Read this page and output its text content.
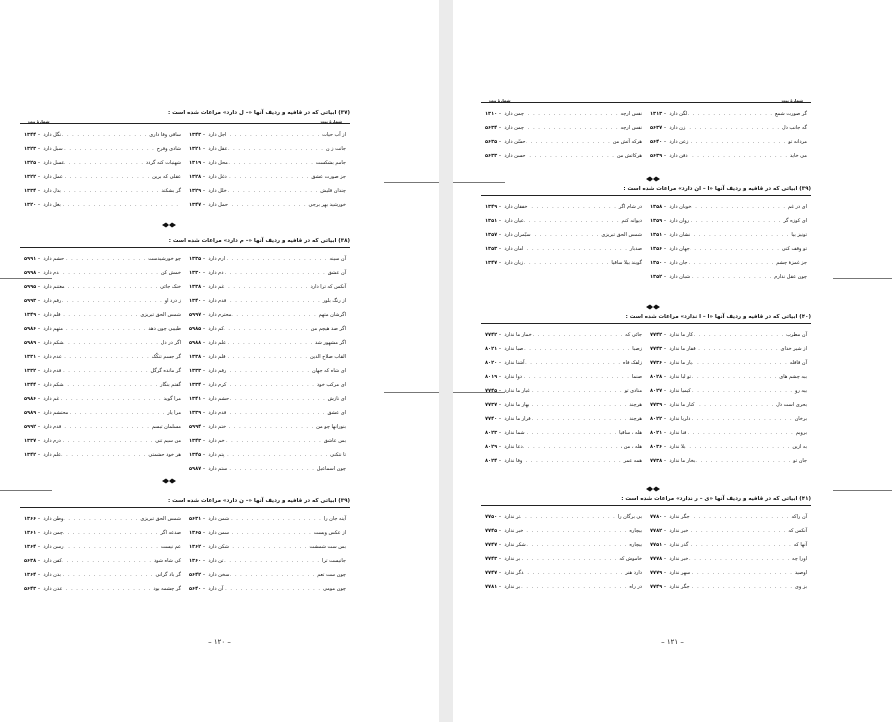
(۳۷) ابیاتی که در قافیه و ردیف آنها «– ل دارد» مراعات شده است :
شمارۀ بیت
شمارۀ بیت
از آب حیات
. . .
اجل دارد
– ۱۳۴۳
جانت ز ن
. . .
عقل دارد
– ۱۳۲۱
جامم بشکست
. . .
محل دارد
– ۱۳۱۹
جز صورت عشق
. . .
دغل دارد
– ۱۳۲۸
چندان قلیش
. . .
خلل دارد
– ۱۳۲۹
خورشید بهر برجی
. . .
حمل دارد
– ۱۳۴۷
ساقی وفا داری
. . .
نگل دارد
– ۱۳۴۴
شادی وفرح
. . .
سبل دارد
– ۱۳۲۳
شهنبات کنه گردد
. . .
عسل دارد
– ۱۳۲۵
عقلی که برین
. . .
عمل دارد
– ۱۳۲۲
گر بشکند
. . .
بدل دارد
– ۱۳۳۴
. . .
بغل دارد
– ۱۳۲۰
(۳۸) ابیاتی که در قافیه و ردیف آنها «– م دارد» مراعات شده است :
آن سینه
. . .
ارم دارد
– ۱۳۳۵
آن عشق
. . .
دم دارد
– ۱۳۳۰
آنکس که ترا دارد
. . .
غم دارد
– ۱۳۳۸
از رنگ بلور
. . .
قدم دارد
– ۱۳۴۰
اگرشان متهم
. . .
محترم دارد
– ۵۹۹۷
اگر صد هیچم من
. . .
کم دارد
– ۵۹۸۵
اگر مشهور شد
. . .
علم دارد
– ۵۹۸۸
القاب صلاح الدین
. . .
قلم دارد
– ۱۳۳۸
ای شاه که جهان
. . .
رقم دارد
– ۱۳۳۳
ای مرکب خود
. . .
کرم دارد
– ۱۳۳۴
ای نازش
. . .
حشم دارد
– ۱۳۴۱
ای عشق
. . .
قدم دارد
– ۱۳۳۹
بنورانها چو من
. . .
ختم دارد
– ۵۹۹۴
بس عاشق
. . .
خم دارد
– ۱۳۴۳
تا نتکنی
. . .
پتم دارد
– ۱۳۴۵
چون اسماعیل
. . .
ستم دارد
– ۵۹۸۷
چو خورشیدست
. . .
حشم دارد
– ۵۹۹۱
خمش کن
. . .
دم دارد
– ۵۹۹۸
خنک جائی
. . .
مغتنم دارد
– ۵۹۹۵
ز درد او
. . .
رقم دارد
– ۵۹۹۳
شمس الحق تبریزی
. . .
قلم دارد
– ۱۳۴۹
طبیبی چون دهد
. . .
متهم دارد
– ۵۹۸۶
اگر در دل
. . .
شکم دارد
– ۵۹۸۹
گر جسم تنکّک
. . .
عدم دارد
– ۱۳۳۱
گر مانده گرگل
. . .
قدم دارد
– ۱۳۳۲
گفتم بنگار
. . .
شکم دارد
– ۱۳۴۴
مرا گوید
. . .
غم دارد
– ۵۹۸۶
مرا یار
. . .
محتشم دارد
– ۵۹۸۹
مسلمان تبسم
. . .
قدم دارد
– ۵۹۹۲
من سیم تنی
. . .
درم دارد
– ۱۳۳۷
هر خود حشمتی
. . .
علم دارد
– ۱۳۴۲
(۳۹) ابیاتی که در قافیه و ردیف آنها «– ن دارد» مراعات شده است :
آینه جان را
. . .
شمن دارد
– ۵۶۳۱
از عکس ویست
. . .
سمن دارد
– ۱۳۶۵
بس ست شمشت
. . .
شکن دارد
– ۱۳۶۲
جانیست ترا
. . .
تن دارد
– ۱۳۶۰
چون ست تعم
. . .
سخن دارد
– ۵۶۴۲
چون مومی
. . .
آن دارد
– ۵۶۴۰
شمس الحق تبریزی
. . .
وطن دارد
– ۱۳۶۶
صدعه اگر
. . .
چمن دارد
– ۱۳۶۱
عم نیست
. . .
رسن دارد
– ۱۳۶۴
کی شاه شود
. . .
کفن دارد
– ۵۶۳۸
گر باد گرانی
. . .
بدن دارد
– ۱۳۶۴
گر چشمه بود
. . .
عدن دارد
– ۵۶۴۳
– ۱۲۰ –
شمارۀ بیت
شمارۀ بیت
گر صورت شمع
. . .
لگن دارد
– ۱۳۱۳
گه جانب دل
. . .
زن دارد
– ۵۶۳۷
مردانه تو
. . .
زعن دارد
– ۵۶۴۰
می خاید
. . .
ذقن دارد
– ۵۶۳۹
نفس ارچه
. . .
چمن دارد
– ۱۳۱۰
نفس ارچه
. . .
چمن دارد
– ۵۶۳۴
هرکه آتش من
. . .
حسّن دارد
– ۵۶۳۵
هرکاتش من
. . .
حسن دارد
– ۵۶۳۳
(۳۹) ابیاتی که در قافیه و ردیف آنها «ا – ان دارد» مراعات شده است :
ای در غم
. . .
خوبان دارد
– ۱۳۵۸
ای کوزه گر
. . .
روان دارد
– ۱۳۵۹
تونیز بیا
. . .
نشان دارد
– ۱۳۵۱
تو وقف کنی
. . .
جهان دارد
– ۱۳۵۶
جز غمزۀ چشم
. . .
جان دارد
– ۱۳۵۰
چون عقل ندارم
. . .
شبان دارد
– ۱۳۵۲
در شام اگر
. . .
خفقان دارد
– ۱۳۴۹
دیوانه کنم
. . .
عیان دارد
– ۱۳۵۱
شمس الحق تبریزی
. . .
سیّمران دارد
– ۱۳۵۷
صدبار
. . .
امان دارد
– ۱۳۵۳
گویند بیلا ساقیا
. . .
زبان دارد
– ۱۳۴۷
(۴۰) ابیاتی که در قافیه و ردیف آنها «ا – ا ندارد» مراعات شده است :
آن مطرب
. . .
کار ما ندارد
– ۷۷۴۲
از شیر خدای
. . .
قفار ما ندارد
– ۷۷۴۳
آن قافله
. . .
یار ما ندارد
– ۷۷۳۶
ببه چشم های
. . .
تو لبا ندارد
– ۸۰۲۸
بیه رو
. . .
کیمیا ندارد
– ۸۰۲۷
بحری است دل
. . .
کنار ما ندارد
– ۷۷۳۹
برخان
. . .
دلربا ندارد
– ۸۰۲۲
برویم
. . .
فنا ندارد
– ۸۰۲۱
به ازین
. . .
بلا ندارد
– ۸۰۳۶
جان تو
. . .
بخار ما ندارد
– ۷۷۳۸
جائی که
. . .
خمار ما ندارد
– ۷۷۴۲
زصبا
. . .
صبا ندارد
– ۸۰۲۱
زلفک فاه
. . .
آشنا ندارد
– ۸۰۲۰
صنما
. . .
دوا ندارد
– ۸۰۱۹
منادی تو
. . .
غبار ما ندارد
– ۷۷۴۵
هرچند
. . .
بهار ما ندارد
– ۷۷۳۷
هرچند
. . .
قرار ما ندارد
– ۷۷۴۰
هله ، ساقیا
. . .
شما ندارد
– ۸۰۲۳
هله ، من ،
. . .
دعا ندارد
– ۸۰۲۹
همه عمر
. . .
وفا ندارد
– ۸۰۲۴
(۴۱) ابیاتی که در قافیه و ردیف آنها «ی – ر ندارد» مراعات شده است :
آن راکه
. . .
جگر ندارد
– ۷۷۸۰
آنکس که
. . .
خبر ندارد
– ۷۷۸۲
آنها که
. . .
گذر ندارد
– ۷۷۵۱
اورا چه
. . .
خبر ندارد
– ۷۷۷۸
اوصید
. . .
سهر ندارد
– ۷۷۷۹
بز وی
. . .
جگر ندارد
– ۷۷۴۹
بی برگان را
. . .
تر ندارد
– ۷۷۵۰
بیچاره
. . .
خبر ندارد
– ۷۷۴۵
بیچاره
. . .
شکر ندارد
– ۷۷۴۷
خاموش که
. . .
بر ندارد
– ۷۷۴۳
دارد هنر
. . .
دگر ندارد
– ۷۷۴۷
در راه
. . .
بر ندارد
– ۷۷۸۱
– ۱۲۱ –
